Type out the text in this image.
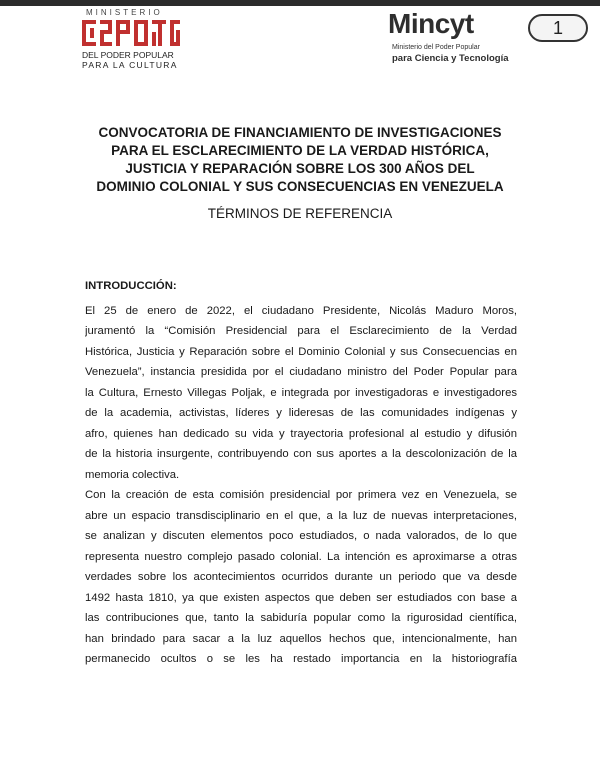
MINISTERIO
DEL PODER POPULAR
PARA LA CULTURA
Mincyt
Ministerio del Poder Popular
para Ciencia y Tecnología
1
CONVOCATORIA DE FINANCIAMIENTO DE INVESTIGACIONES
PARA EL ESCLARECIMIENTO DE LA VERDAD HISTÓRICA,
JUSTICIA Y REPARACIÓN SOBRE LOS 300 AÑOS DEL
DOMINIO COLONIAL Y SUS CONSECUENCIAS EN VENEZUELA
TÉRMINOS DE REFERENCIA
INTRODUCCIÓN:
El 25 de enero de 2022, el ciudadano Presidente, Nicolás Maduro Moros,
juramentó la “Comisión Presidencial para el Esclarecimiento de la Verdad
Histórica, Justicia y Reparación sobre el Dominio Colonial y sus Consecuencias en
Venezuela”, instancia presidida por el ciudadano ministro del Poder Popular para
la Cultura, Ernesto Villegas Poljak, e integrada por investigadoras e investigadores
de la academia, activistas, líderes y lideresas de las comunidades indígenas y
afro, quienes han dedicado su vida y trayectoria profesional al estudio y difusión
de la historia insurgente, contribuyendo con sus aportes a la descolonización de la
memoria colectiva.
Con la creación de esta comisión presidencial por primera vez en Venezuela, se
abre un espacio transdisciplinario en el que, a la luz de nuevas interpretaciones,
se analizan y discuten elementos poco estudiados, o nada valorados, de lo que
representa nuestro complejo pasado colonial. La intención es aproximarse a otras
verdades sobre los acontecimientos ocurridos durante un periodo que va desde
1492 hasta 1810, ya que existen aspectos que deben ser estudiados con base a
las contribuciones que, tanto la sabiduría popular como la rigurosidad científica,
han brindado para sacar a la luz aquellos hechos que, intencionalmente, han
permanecido ocultos o se les ha restado importancia en la historiografía
